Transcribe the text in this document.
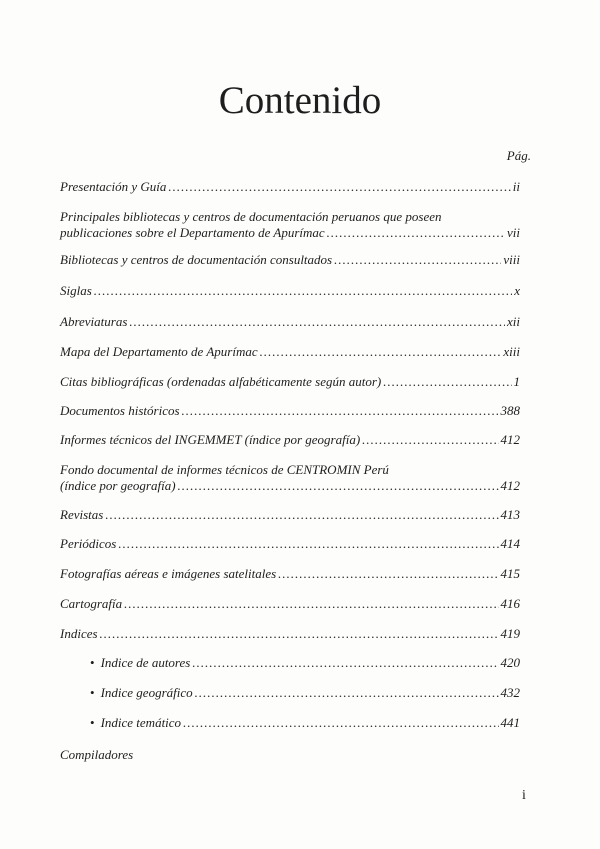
Contenido
Pág.
Presentación y Guía .....	ii
Principales bibliotecas y centros de documentación peruanos que poseen
publicaciones sobre el Departamento de Apurímac .....	vii
Bibliotecas y centros de documentación consultados .....	viii
Siglas .....	x
Abreviaturas .....	xii
Mapa del Departamento de Apurímac .....	xiii
Citas bibliográficas (ordenadas alfabéticamente según autor) .....	1
Documentos históricos .....	388
Informes técnicos del INGEMMET (índice por geografía) .....	412
Fondo documental de informes técnicos de CENTROMIN Perú
(índice por geografía) .....	412
Revistas .....	413
Periódicos .....	414
Fotografías aéreas e imágenes satelitales .....	415
Cartografía .....	416
Indices .....	419
• Indice de autores .....	420
• Indice geográfico .....	432
• Indice temático .....	441
Compiladores
i
